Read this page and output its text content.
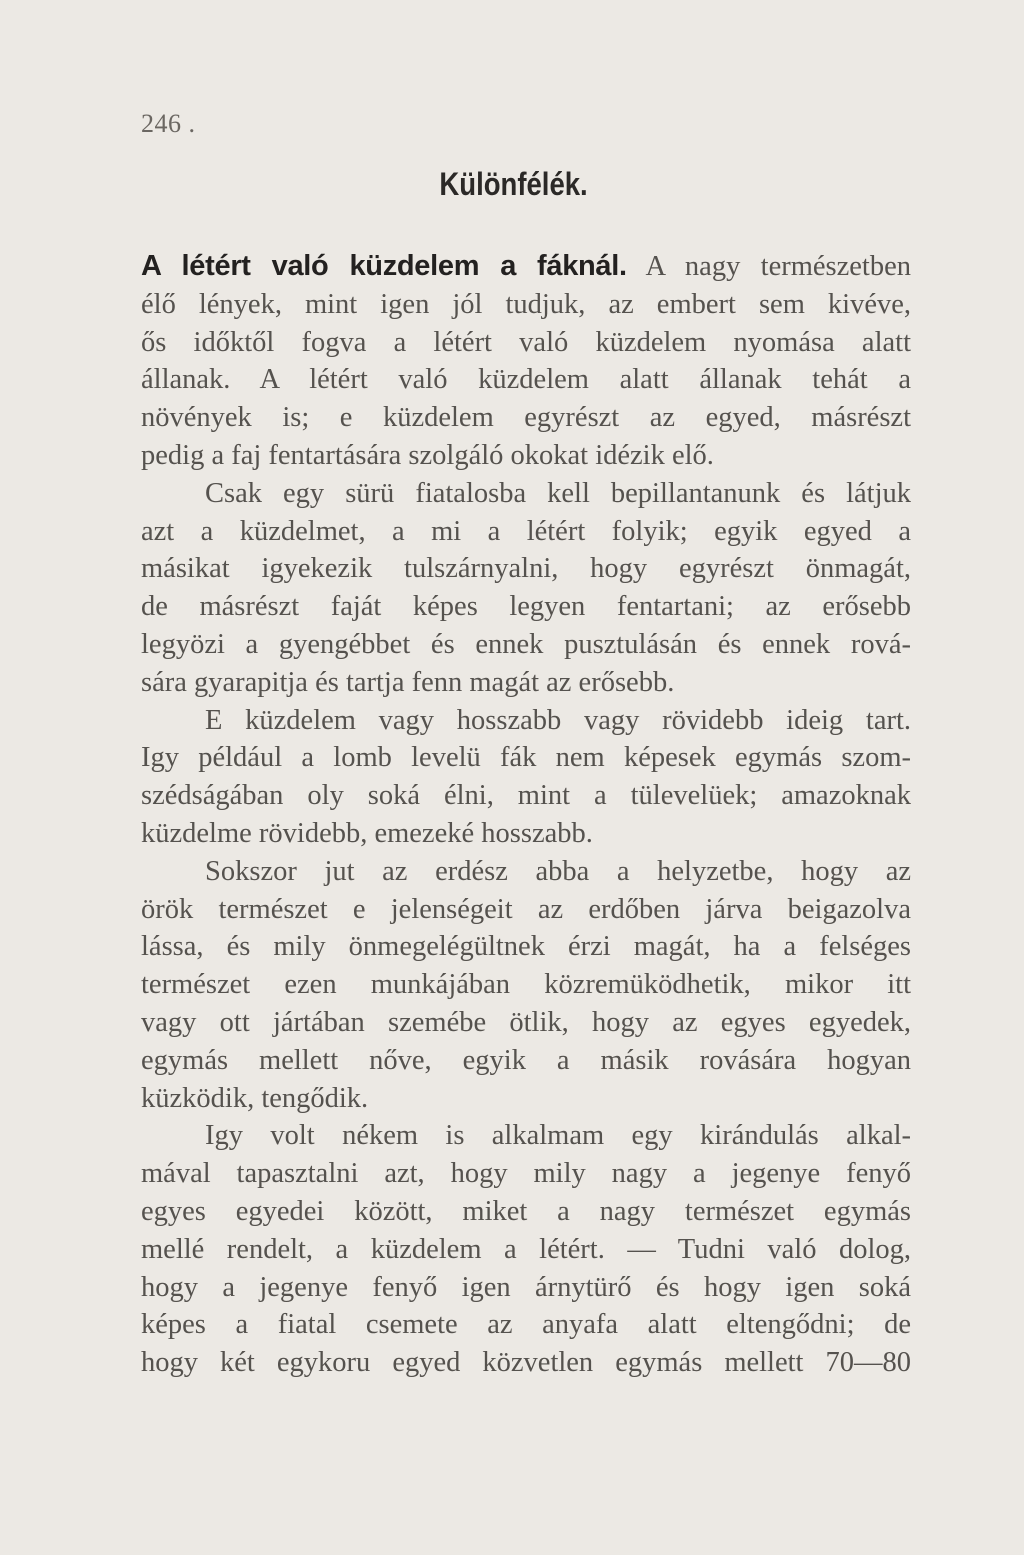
246 .
Különfélék.
A létért való küzdelem a fáknál. A nagy természetben
élő lények, mint igen jól tudjuk, az embert sem kivéve,
ős időktől fogva a létért való küzdelem nyomása alatt
állanak. A létért való küzdelem alatt állanak tehát a
növények is; e küzdelem egyrészt az egyed, másrészt
pedig a faj fentartására szolgáló okokat idézik elő.
Csak egy sürü fiatalosba kell bepillantanunk és látjuk
azt a küzdelmet, a mi a létért folyik; egyik egyed a
másikat igyekezik tulszárnyalni, hogy egyrészt önmagát,
de másrészt faját képes legyen fentartani; az erősebb
legyözi a gyengébbet és ennek pusztulásán és ennek rová-
sára gyarapitja és tartja fenn magát az erősebb.
E küzdelem vagy hosszabb vagy rövidebb ideig tart.
Igy például a lomb levelü fák nem képesek egymás szom-
szédságában oly soká élni, mint a tülevelüek; amazoknak
küzdelme rövidebb, emezeké hosszabb.
Sokszor jut az erdész abba a helyzetbe, hogy az
örök természet e jelenségeit az erdőben járva beigazolva
lássa, és mily önmegelégültnek érzi magát, ha a felséges
természet ezen munkájában közremüködhetik, mikor itt
vagy ott jártában szemébe ötlik, hogy az egyes egyedek,
egymás mellett nőve, egyik a másik rovására hogyan
küzködik, tengődik.
Igy volt nékem is alkalmam egy kirándulás alkal-
mával tapasztalni azt, hogy mily nagy a jegenye fenyő
egyes egyedei között, miket a nagy természet egymás
mellé rendelt, a küzdelem a létért. — Tudni való dolog,
hogy a jegenye fenyő igen árnytürő és hogy igen soká
képes a fiatal csemete az anyafa alatt eltengődni; de
hogy két egykoru egyed közvetlen egymás mellett 70—80
